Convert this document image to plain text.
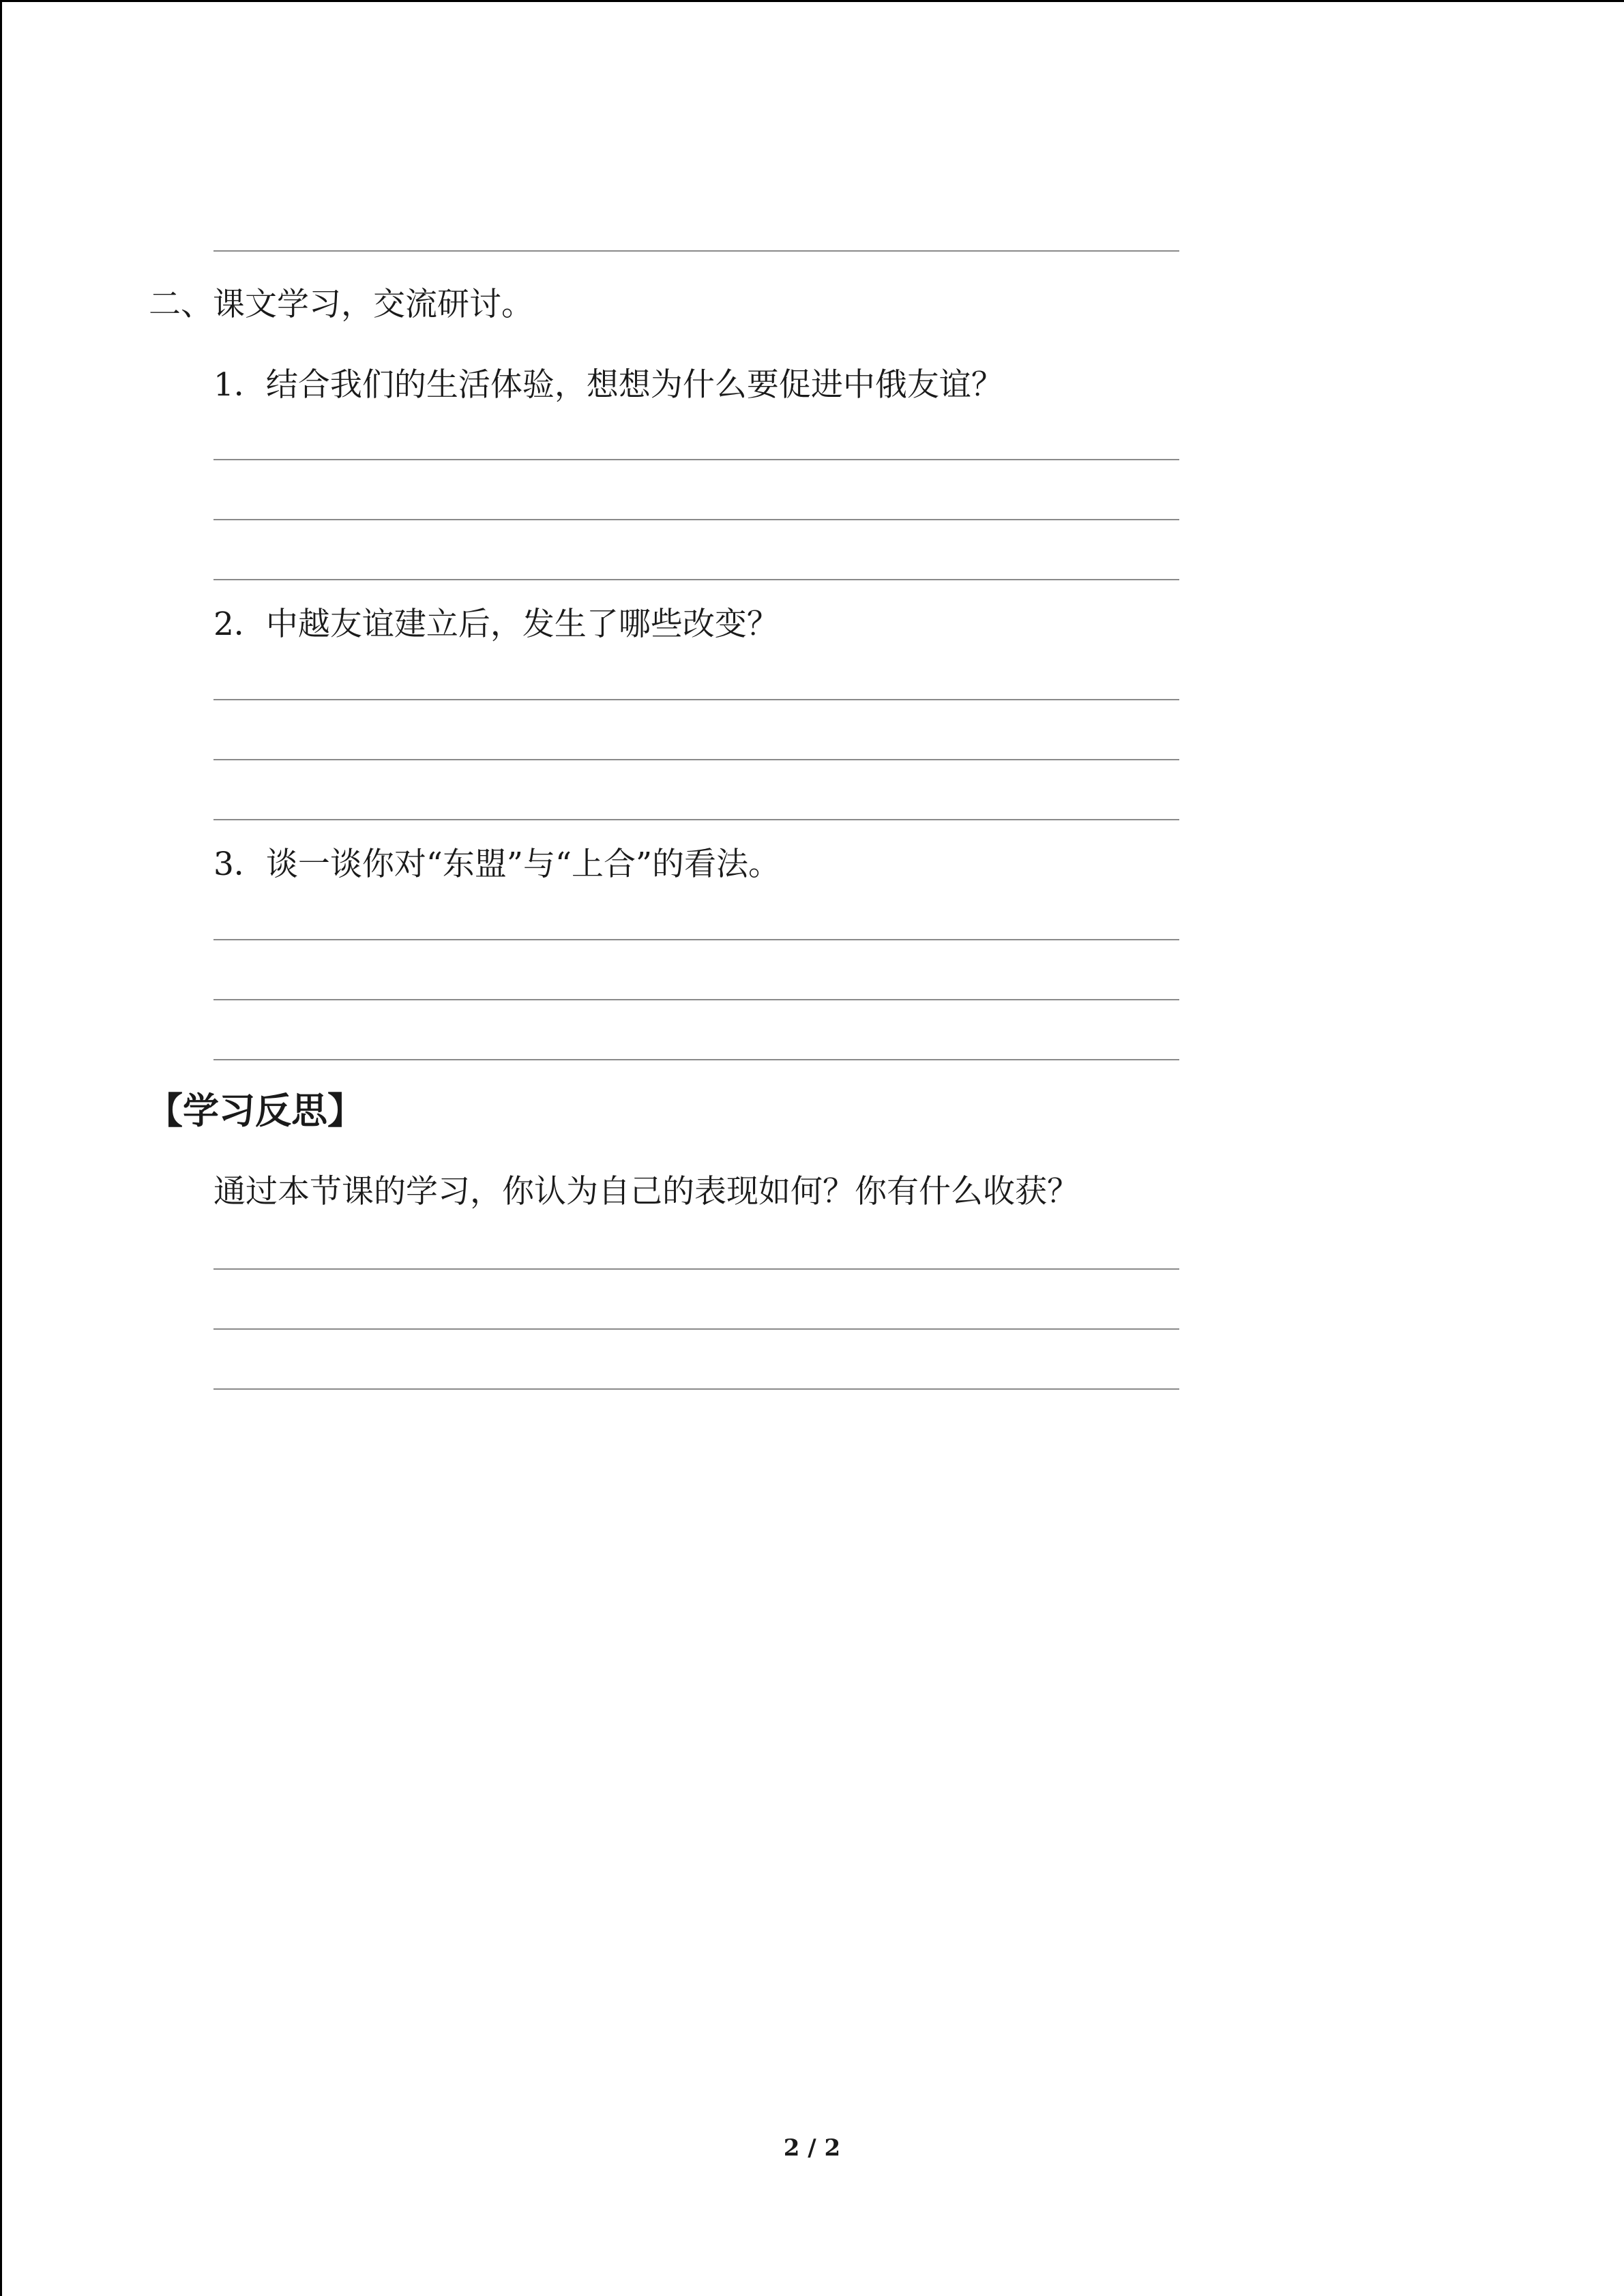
二、课文学习，交流研讨。
1．结合我们的生活体验，想想为什么要促进中俄友谊？
2．中越友谊建立后，发生了哪些改变？
3．谈一谈你对“东盟”与“上合”的看法。
【学习反思】
通过本节课的学习，你认为自己的表现如何？你有什么收获？
2 / 2
